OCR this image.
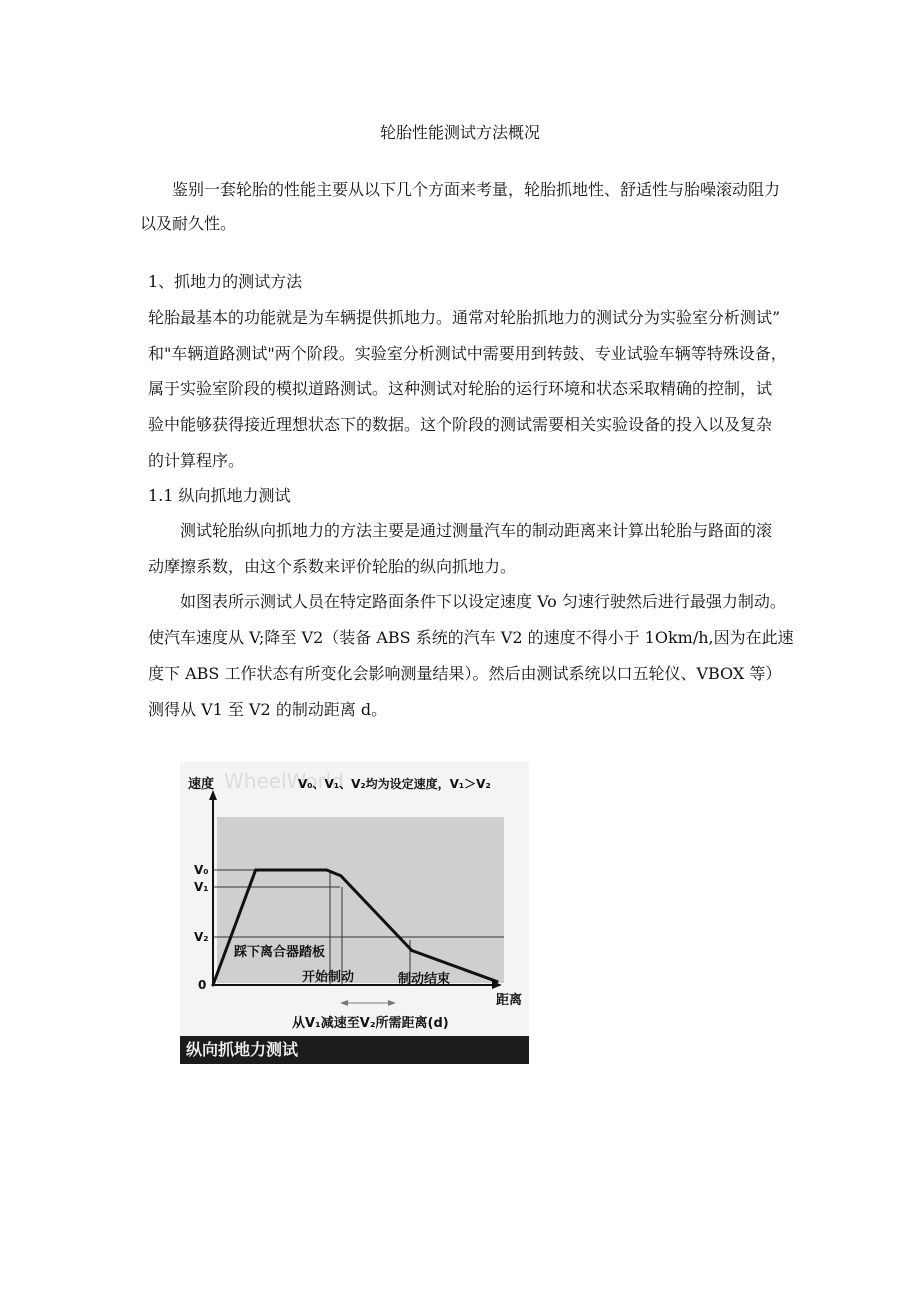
轮胎性能测试方法概况
鉴别一套轮胎的性能主要从以下几个方面来考量，轮胎抓地性、舒适性与胎噪滚动阻力
以及耐久性。
1、抓地力的测试方法
轮胎最基本的功能就是为车辆提供抓地力。通常对轮胎抓地力的测试分为实验室分析测试”
和"车辆道路测试"两个阶段。实验室分析测试中需要用到转鼓、专业试验车辆等特殊设备，
属于实验室阶段的模拟道路测试。这种测试对轮胎的运行环境和状态采取精确的控制，试
验中能够获得接近理想状态下的数据。这个阶段的测试需要相关实验设备的投入以及复杂
的计算程序。
1.1 纵向抓地力测试
测试轮胎纵向抓地力的方法主要是通过测量汽车的制动距离来计算出轮胎与路面的滚
动摩擦系数，由这个系数来评价轮胎的纵向抓地力。
如图表所示测试人员在特定路面条件下以设定速度 Vo 匀速行驶然后进行最强力制动。
使汽车速度从 V;降至 V2（装备 ABS 系统的汽车 V2 的速度不得小于 1Okm/h,因为在此速
度下 ABS 工作状态有所变化会影响测量结果）。然后由测试系统以口五轮仪、VBOX 等）
测得从 V1 至 V2 的制动距离 d。
WheelWorld
速度	V₀、V₁、V₂均为设定速度，V₁＞V₂
距离
V₀
V₁
V₂
0
踩下离合器踏板
开始制动	制动结束
从V₁减速至V₂所需距离(d)
纵向抓地力测试
